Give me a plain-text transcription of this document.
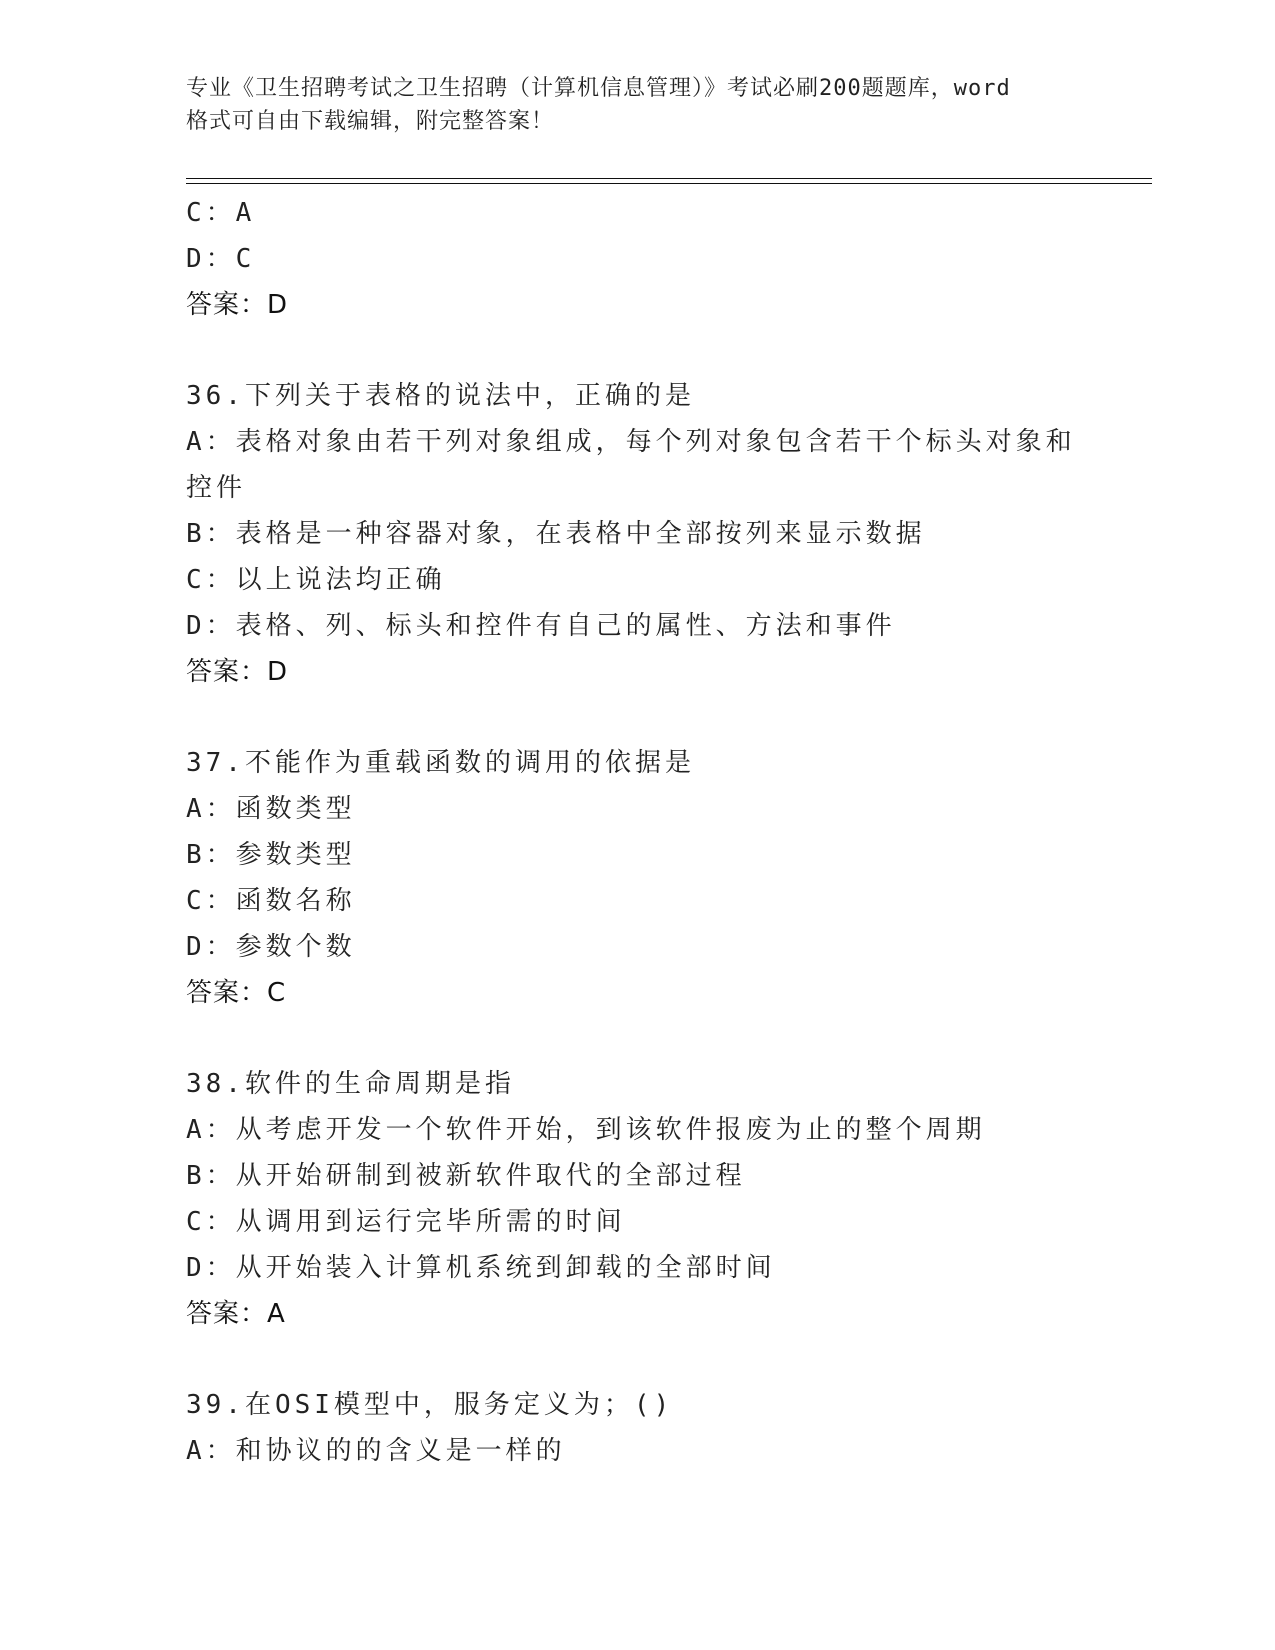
专业《卫生招聘考试之卫生招聘（计算机信息管理）》考试必刷200题题库，word
格式可自由下载编辑，附完整答案！
C：A
D：C
答案：D
36.下列关于表格的说法中，正确的是
A：表格对象由若干列对象组成，每个列对象包含若干个标头对象和控件
B：表格是一种容器对象，在表格中全部按列来显示数据
C：以上说法均正确
D：表格、列、标头和控件有自己的属性、方法和事件
答案：D
37.不能作为重载函数的调用的依据是
A：函数类型
B：参数类型
C：函数名称
D：参数个数
答案：C
38.软件的生命周期是指
A：从考虑开发一个软件开始，到该软件报废为止的整个周期
B：从开始研制到被新软件取代的全部过程
C：从调用到运行完毕所需的时间
D：从开始装入计算机系统到卸载的全部时间
答案：A
39.在OSI模型中，服务定义为；()
A：和协议的的含义是一样的
